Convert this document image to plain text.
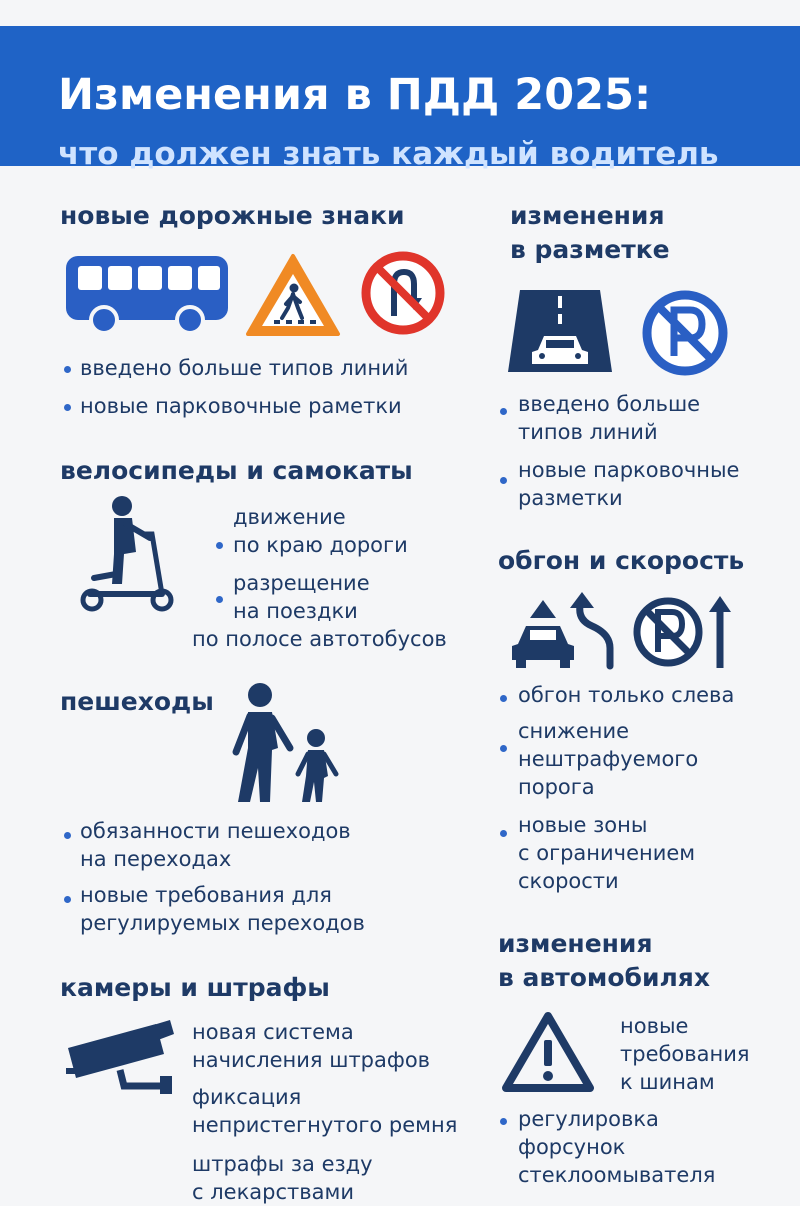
Изменения в ПДД 2025:
что должен знать каждый водитель
новые дорожные знаки
введено больше типов линий
новые парковочные раметки
велосипеды и самокаты
движение
по краю дороги
разрещение
на поездки
по полосе автотобусов
пешеходы
обязанности пешеходов
на переходах
новые требования для
регулируемых переходов
камеры и штрафы
новая система
начисления штрафов
фиксация
непристегнутого ремня
штрафы за езду
с лекарствами
изменения
в разметке
введено больше
типов линий
новые парковочные
разметки
обгон и скорость
обгон только слева
снижение
нештрафуемого
порога
новые зоны
с ограничением
скорости
изменения
в автомобилях
новые
требования
к шинам
регулировка
форсунок
стеклоомывателя
